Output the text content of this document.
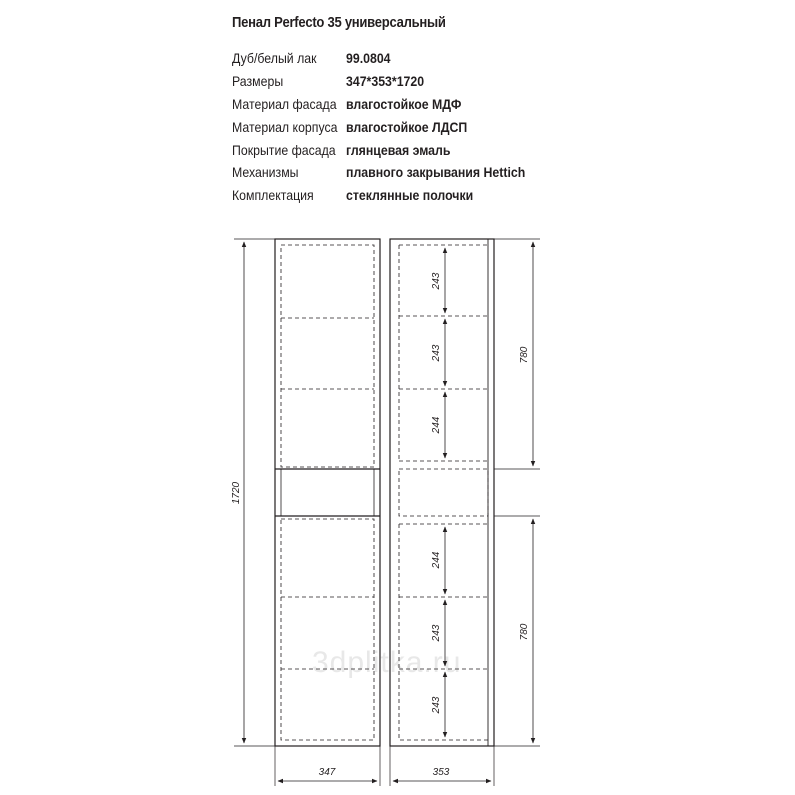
Пенал Perfecto 35 универсальный
Дуб/белый лак 99.0804
Размеры	347*353*1720
Материал фасада влагостойкое МДФ
Материал корпуса влагостойкое ЛДСП
Покрытие фасада глянцевая эмаль
Механизмы	плавного закрывания Hettich
Комплектация стеклянные полочки
3dplitka.ru
1720
347
243
243
244
244
243
243
780
780
353
